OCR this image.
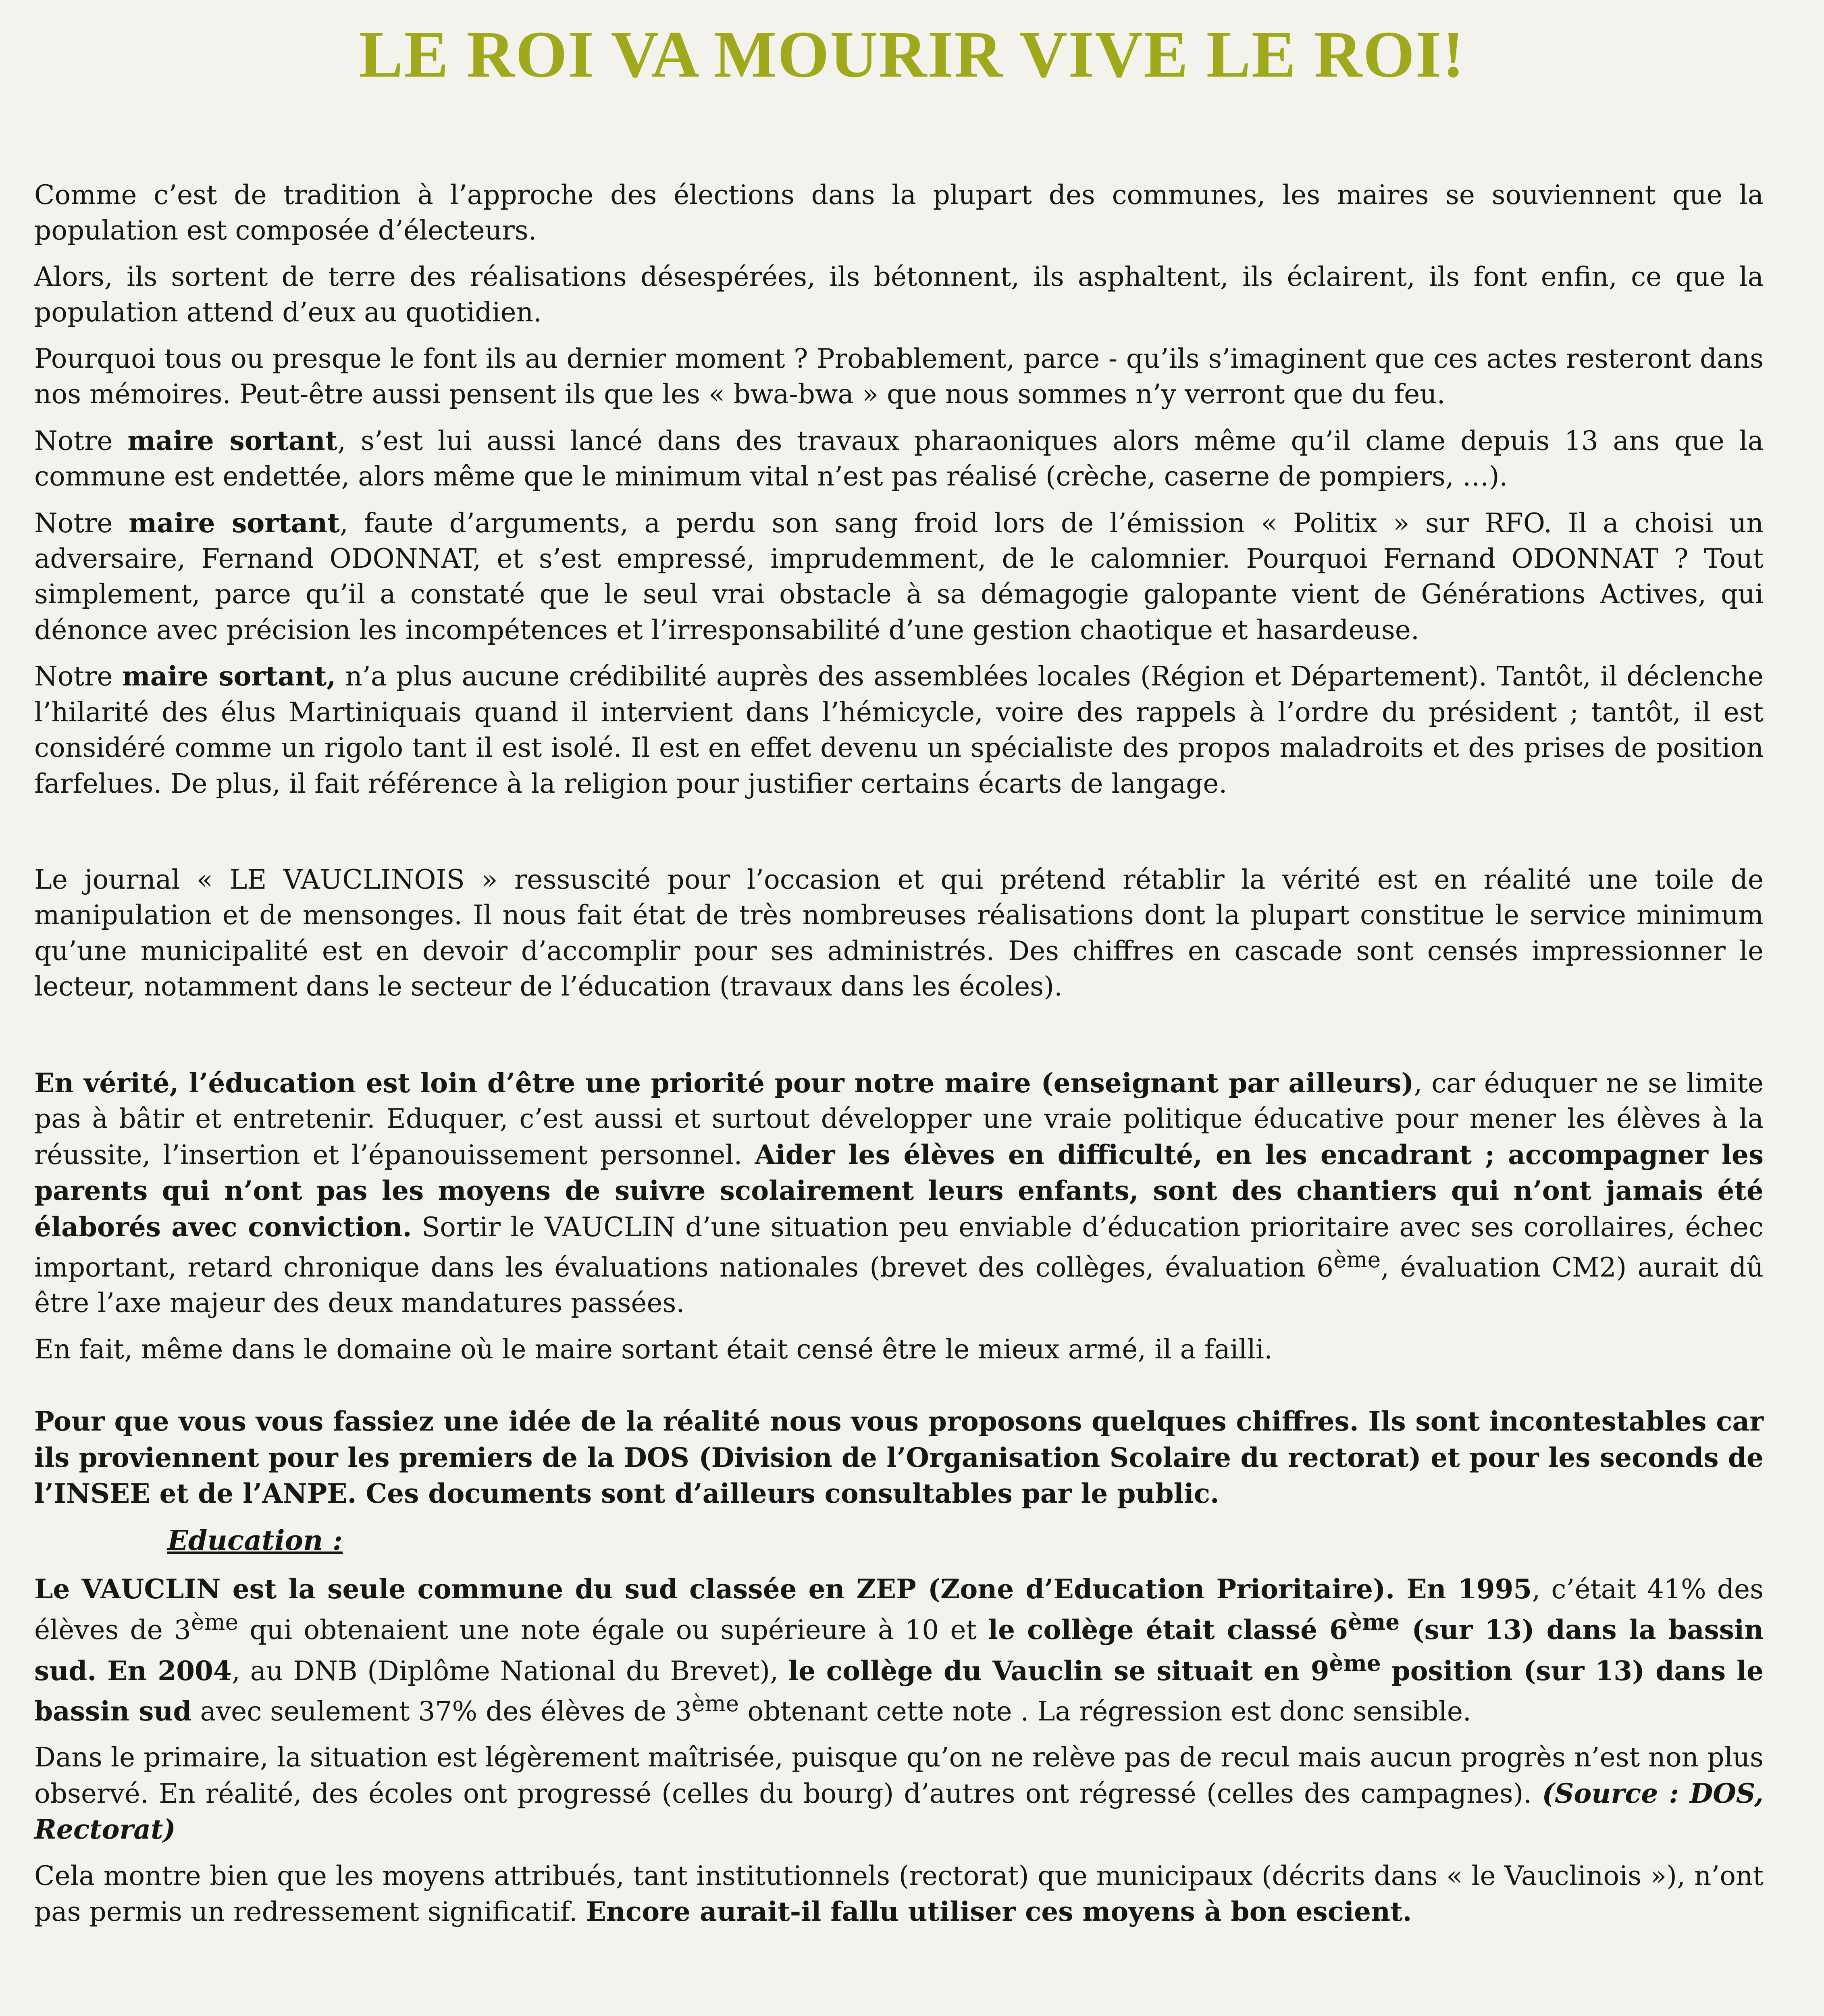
LE ROI VA MOURIR VIVE LE ROI!

Comme c’est de tradition à l’approche des élections dans la plupart des communes, les maires se souviennent que la population est composée d’électeurs.

Alors, ils sortent de terre des réalisations désespérées, ils bétonnent, ils asphaltent, ils éclairent, ils font enfin, ce que la population attend d’eux au quotidien.

Pourquoi tous ou presque le font ils au dernier moment ? Probablement, parce - qu’ils s’imaginent que ces actes resteront dans nos mémoires. Peut-être aussi pensent ils que les « bwa-bwa » que nous sommes n’y verront que du feu.

Notre maire sortant, s’est lui aussi lancé dans des travaux pharaoniques alors même qu’il clame depuis 13 ans que la commune est endettée, alors même que le minimum vital n’est pas réalisé (crèche, caserne de pompiers, …).

Notre maire sortant, faute d’arguments, a perdu son sang froid lors de l’émission « Politix » sur RFO. Il a choisi un adversaire, Fernand ODONNAT, et s’est empressé, imprudemment, de le calomnier. Pourquoi Fernand ODONNAT ? Tout simplement, parce qu’il a constaté que le seul vrai obstacle à sa démagogie galopante vient de Générations Actives, qui dénonce avec précision les incompétences et l’irresponsabilité d’une gestion chaotique et hasardeuse.

Notre maire sortant, n’a plus aucune crédibilité auprès des assemblées locales (Région et Département). Tantôt, il déclenche l’hilarité des élus Martiniquais quand il intervient dans l’hémicycle, voire des rappels à l’ordre du président ; tantôt, il est considéré comme un rigolo tant il est isolé. Il est en effet devenu un spécialiste des propos maladroits et des prises de position farfelues. De plus, il fait référence à la religion pour justifier certains écarts de langage.

Le journal « LE VAUCLINOIS » ressuscité pour l’occasion et qui prétend rétablir la vérité est en réalité une toile de manipulation et de mensonges. Il nous fait état de très nombreuses réalisations dont la plupart constitue le service minimum qu’une municipalité est en devoir d’accomplir pour ses administrés. Des chiffres en cascade sont censés impressionner le lecteur, notamment dans le secteur de l’éducation (travaux dans les écoles).

En vérité, l’éducation est loin d’être une priorité pour notre maire (enseignant par ailleurs), car éduquer ne se limite pas à bâtir et entretenir. Eduquer, c’est aussi et surtout développer une vraie politique éducative pour mener les élèves à la réussite, l’insertion et l’épanouissement personnel. Aider les élèves en difficulté, en les encadrant ; accompagner les parents qui n’ont pas les moyens de suivre scolairement leurs enfants, sont des chantiers qui n’ont jamais été élaborés avec conviction. Sortir le VAUCLIN d’une situation peu enviable d’éducation prioritaire avec ses corollaires, échec important, retard chronique dans les évaluations nationales (brevet des collèges, évaluation 6ème, évaluation CM2) aurait dû être l’axe majeur des deux mandatures passées.

En fait, même dans le domaine où le maire sortant était censé être le mieux armé, il a failli.

Pour que vous vous fassiez une idée de la réalité nous vous proposons quelques chiffres. Ils sont incontestables car ils proviennent pour les premiers de la DOS (Division de l’Organisation Scolaire du rectorat) et pour les seconds de l’INSEE et de l’ANPE. Ces documents sont d’ailleurs consultables par le public.

Education :

Le VAUCLIN est la seule commune du sud classée en ZEP (Zone d’Education Prioritaire). En 1995, c’était 41% des élèves de 3ème qui obtenaient une note égale ou supérieure à 10 et le collège était classé 6ème (sur 13) dans la bassin sud. En 2004, au DNB (Diplôme National du Brevet), le collège du Vauclin se situait en 9ème position (sur 13) dans le bassin sud avec seulement 37% des élèves de 3ème obtenant cette note . La régression est donc sensible.

Dans le primaire, la situation est légèrement maîtrisée, puisque qu’on ne relève pas de recul mais aucun progrès n’est non plus observé. En réalité, des écoles ont progressé (celles du bourg) d’autres ont régressé (celles des campagnes). (Source : DOS, Rectorat)

Cela montre bien que les moyens attribués, tant institutionnels (rectorat) que municipaux (décrits dans « le Vauclinois »), n’ont pas permis un redressement significatif. Encore aurait-il fallu utiliser ces moyens à bon escient.
